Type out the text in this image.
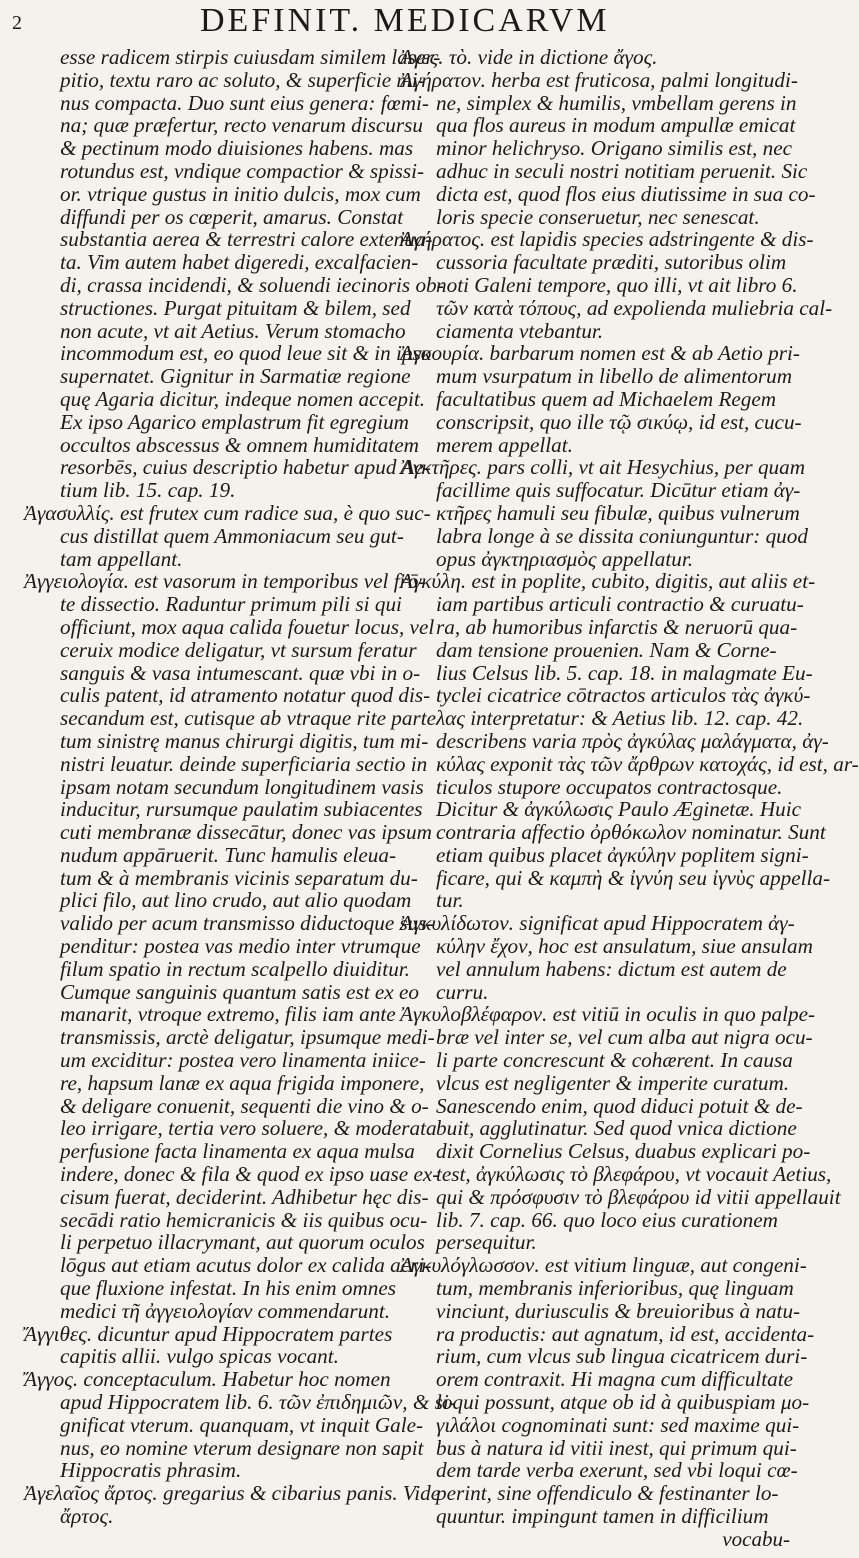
2	DEFINIT. MEDICARVM
esse radicem stirpis cuiusdam similem laser-
pitio, textu raro ac soluto, & superficie mi-
nus compacta. Duo sunt eius genera: fœmi-
na; quæ præfertur, recto venarum discursu
& pectinum modo diuisiones habens. mas
rotundus est, vndique compactior & spissi-
or. vtrique gustus in initio dulcis, mox cum
diffundi per os cœperit, amarus. Constat
substantia aerea & terrestri calore extenua-
ta. Vim autem habet digeredi, excalfacien-
di, crassa incidendi, & soluendi iecinoris ob-
structiones. Purgat pituitam & bilem, sed
non acute, vt ait Aetius. Verum stomacho
incommodum est, eo quod leue sit & in ipso
supernatet. Gignitur in Sarmatiæ regione
quę Agaria dicitur, indeque nomen accepit.
Ex ipso Agarico emplastrum fit egregium
occultos abscessus & omnem humiditatem
resorbēs, cuius descriptio habetur apud Ae-
tium lib. 15. cap. 19.
Ἀγασυλλίς. est frutex cum radice sua, è quo suc-
cus distillat quem Ammoniacum seu gut-
tam appellant.
Ἀγγειολογία. est vasorum in temporibus vel frō-
te dissectio. Raduntur primum pili si qui
officiunt, mox aqua calida fouetur locus, vel
ceruix modice deligatur, vt sursum feratur
sanguis & vasa intumescant. quæ vbi in o-
culis patent, id atramento notatur quod dis-
secandum est, cutisque ab vtraque rite parte
tum sinistrę manus chirurgi digitis, tum mi-
nistri leuatur. deinde superficiaria sectio in
ipsam notam secundum longitudinem vasis
inducitur, rursumque paulatim subiacentes
cuti membranæ dissecātur, donec vas ipsum
nudum appāruerit. Tunc hamulis eleua-
tum & à membranis vicinis separatum du-
plici filo, aut lino crudo, aut alio quodam
valido per acum transmisso diductoque sus-
penditur: postea vas medio inter vtrumque
filum spatio in rectum scalpello diuiditur.
Cumque sanguinis quantum satis est ex eo
manarit, vtroque extremo, filis iam ante
transmissis, arctè deligatur, ipsumque medi-
um exciditur: postea vero linamenta iniice-
re, hapsum lanæ ex aqua frigida imponere,
& deligare conuenit, sequenti die vino & o-
leo irrigare, tertia vero soluere, & moderata
perfusione facta linamenta ex aqua mulsa
indere, donec & fila & quod ex ipso uase ex-
cisum fuerat, deciderint. Adhibetur hęc dis-
secādi ratio hemicranicis & iis quibus ocu-
li perpetuo illacrymant, aut quorum oculos
lōgus aut etiam acutus dolor ex calida acri-
que fluxione infestat. In his enim omnes
medici τῆ ἀγγειολογίαν commendarunt.
Ἄγγιθες. dicuntur apud Hippocratem partes
capitis allii. vulgo spicas vocant.
Ἄγγος. conceptaculum. Habetur hoc nomen
apud Hippocratem lib. 6. τῶν ἐπιδημιῶν, & si-
gnificat vterum. quanquam, vt inquit Gale-
nus, eo nomine vterum designare non sapit
Hippocratis phrasim.
Ἀγελαῖος ἄρτος. gregarius & cibarius panis. Vide
ἄρτος.
Ἀγες. τὸ. vide in dictione ἄγος.
Ἀγήρατον. herba est fruticosa, palmi longitudi-
ne, simplex & humilis, vmbellam gerens in
qua flos aureus in modum ampullæ emicat
minor helichryso. Origano similis est, nec
adhuc in seculi nostri notitiam peruenit. Sic
dicta est, quod flos eius diutissime in sua co-
loris specie conseruetur, nec senescat.
Ἀγήρατος. est lapidis species adstringente & dis-
cussoria facultate præditi, sutoribus olim
noti Galeni tempore, quo illi, vt ait libro 6.
τῶν κατὰ τόπους, ad expolienda muliebria cal-
ciamenta vtebantur.
Ἀγκουρία. barbarum nomen est & ab Aetio pri-
mum vsurpatum in libello de alimentorum
facultatibus quem ad Michaelem Regem
conscripsit, quo ille τῷ σικύῳ, id est, cucu-
merem appellat.
Ἀγκτῆρες. pars colli, vt ait Hesychius, per quam
facillime quis suffocatur. Dicūtur etiam ἀγ-
κτῆρες hamuli seu fibulæ, quibus vulnerum
labra longe à se dissita coniunguntur: quod
opus ἀγκτηριασμὸς appellatur.
Ἀγκύλη. est in poplite, cubito, digitis, aut aliis et-
iam partibus articuli contractio & curuatu-
ra, ab humoribus infarctis & neruorū qua-
dam tensione prouenien. Nam & Corne-
lius Celsus lib. 5. cap. 18. in malagmate Eu-
tyclei cicatrice cōtractos articulos τὰς ἀγκύ-
λας interpretatur: & Aetius lib. 12. cap. 42.
describens varia πρὸς ἀγκύλας μαλάγματα, ἀγ-
κύλας exponit τὰς τῶν ἄρθρων κατοχάς, id est, ar-
ticulos stupore occupatos contractosque.
Dicitur & ἀγκύλωσις Paulo Æginetæ. Huic
contraria affectio ὀρθόκωλον nominatur. Sunt
etiam quibus placet ἀγκύλην poplitem signi-
ficare, qui & καμπὴ & ἰγνύη seu ἰγνὺς appella-
tur.
Ἀγκυλίδωτον. significat apud Hippocratem ἀγ-
κύλην ἔχον, hoc est ansulatum, siue ansulam
vel annulum habens: dictum est autem de
curru.
Ἀγκυλοβλέφαρον. est vitiū in oculis in quo palpe-
bræ vel inter se, vel cum alba aut nigra ocu-
li parte concrescunt & cohærent. In causa
vlcus est negligenter & imperite curatum.
Sanescendo enim, quod diduci potuit & de-
buit, agglutinatur. Sed quod vnica dictione
dixit Cornelius Celsus, duabus explicari po-
test, ἀγκύλωσις τὸ βλεφάρου, vt vocauit Aetius,
qui & πρόσφυσιν τὸ βλεφάρου id vitii appellauit
lib. 7. cap. 66. quo loco eius curationem
persequitur.
Ἀγκυλόγλωσσον. est vitium linguæ, aut congeni-
tum, membranis inferioribus, quę linguam
vinciunt, duriusculis & breuioribus à natu-
ra productis: aut agnatum, id est, accidenta-
rium, cum vlcus sub lingua cicatricem duri-
orem contraxit. Hi magna cum difficultate
loqui possunt, atque ob id à quibuspiam μο-
γιλάλοι cognominati sunt: sed maxime qui-
bus à natura id vitii inest, qui primum qui-
dem tarde verba exerunt, sed vbi loqui cœ-
perint, sine offendiculo & festinanter lo-
quuntur. impingunt tamen in difficilium
vocabu-
